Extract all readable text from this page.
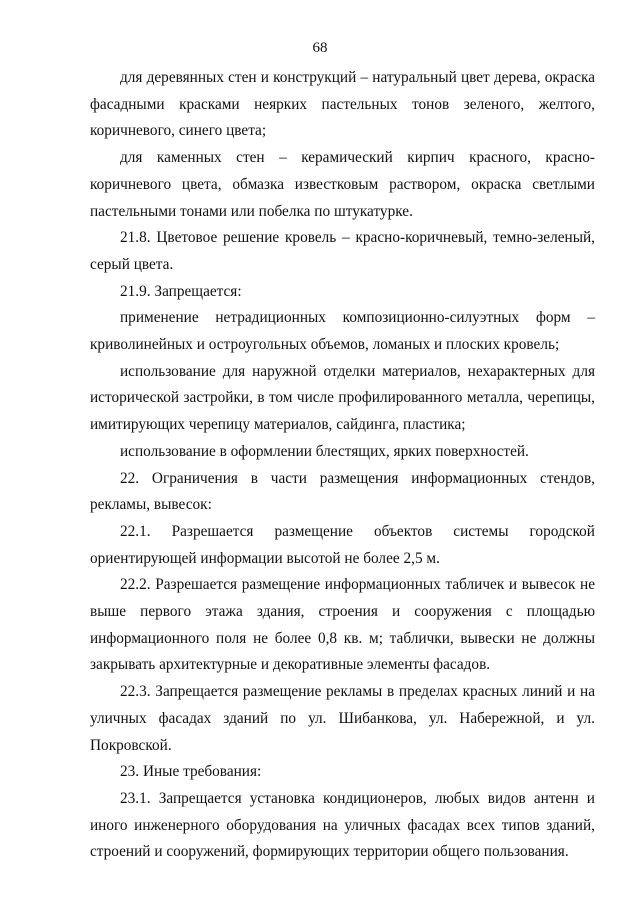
68

для деревянных стен и конструкций – натуральный цвет дерева, окраска фасадными красками неярких пастельных тонов зеленого, желтого, коричневого, синего цвета;

для каменных стен – керамический кирпич красного, красно-коричневого цвета, обмазка известковым раствором, окраска светлыми пастельными тонами или побелка по штукатурке.

21.8. Цветовое решение кровель – красно-коричневый, темно-зеленый, серый цвета.

21.9. Запрещается:

применение нетрадиционных композиционно-силуэтных форм – криволинейных и остроугольных объемов, ломаных и плоских кровель;

использование для наружной отделки материалов, нехарактерных для исторической застройки, в том числе профилированного металла, черепицы, имитирующих черепицу материалов, сайдинга, пластика;

использование в оформлении блестящих, ярких поверхностей.

22. Ограничения в части размещения информационных стендов, рекламы, вывесок:

22.1. Разрешается размещение объектов системы городской ориентирующей информации высотой не более 2,5 м.

22.2. Разрешается размещение информационных табличек и вывесок не выше первого этажа здания, строения и сооружения с площадью информационного поля не более 0,8 кв. м; таблички, вывески не должны закрывать архитектурные и декоративные элементы фасадов.

22.3. Запрещается размещение рекламы в пределах красных линий и на уличных фасадах зданий по ул. Шибанкова, ул. Набережной, и ул. Покровской.

23. Иные требования:

23.1. Запрещается установка кондиционеров, любых видов антенн и иного инженерного оборудования на уличных фасадах всех типов зданий, строений и сооружений, формирующих территории общего пользования.
